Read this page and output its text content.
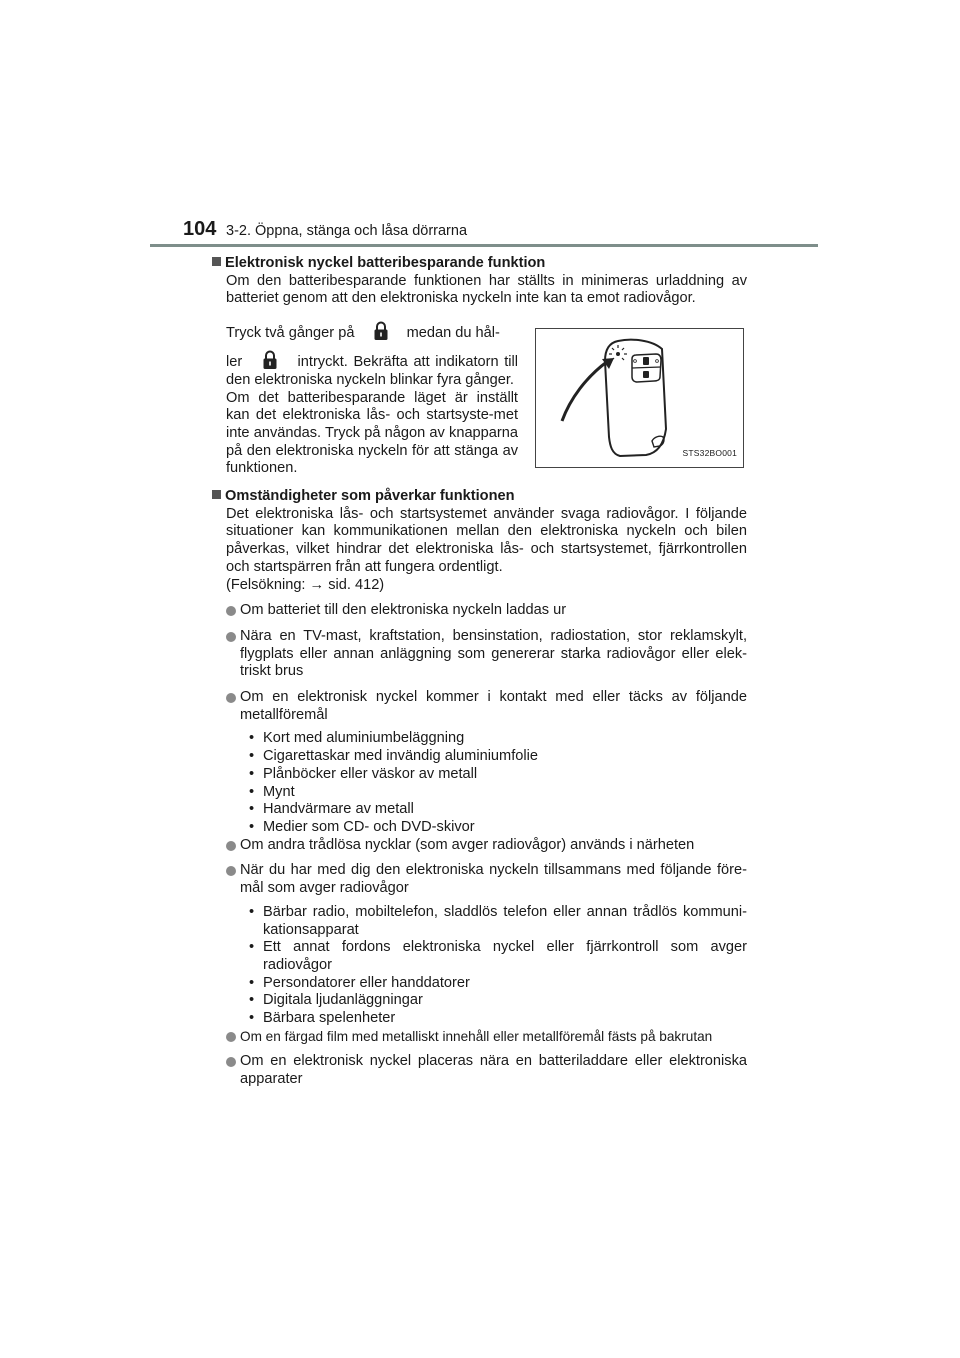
104 3-2. Öppna, stänga och låsa dörrarna
Elektronisk nyckel batteribesparande funktion
Om den batteribesparande funktionen har ställts in minimeras urladdning av batteriet genom att den elektroniska nyckeln inte kan ta emot radiovågor.
Tryck två gånger på	medan du hål-
ler	intryckt. Bekräfta att indikatorn till den elektroniska nyckeln blinkar fyra gånger.
Om det batteribesparande läget är inställt kan det elektroniska lås- och startsyste-met inte användas. Tryck på någon av knapparna på den elektroniska nyckeln för att stänga av funktionen.
STS32BO001
Omständigheter som påverkar funktionen
Det elektroniska lås- och startsystemet använder svaga radiovågor. I följande situationer kan kommunikationen mellan den elektroniska nyckeln och bilen påverkas, vilket hindrar det elektroniska lås- och startsystemet, fjärrkontrollen och startspärren från att fungera ordentligt.
(Felsökning: → sid. 412)
Om batteriet till den elektroniska nyckeln laddas ur
Nära en TV-mast, kraftstation, bensinstation, radiostation, stor reklamskylt, flygplats eller annan anläggning som genererar starka radiovågor eller elek-triskt brus
Om en elektronisk nyckel kommer i kontakt med eller täcks av följande metallföremål
• Kort med aluminiumbeläggning
• Cigarettaskar med invändig aluminiumfolie
• Plånböcker eller väskor av metall
• Mynt
• Handvärmare av metall
• Medier som CD- och DVD-skivor
Om andra trådlösa nycklar (som avger radiovågor) används i närheten
När du har med dig den elektroniska nyckeln tillsammans med följande före-mål som avger radiovågor
• Bärbar radio, mobiltelefon, sladdlös telefon eller annan trådlös kommuni-kationsapparat
• Ett annat fordons elektroniska nyckel eller fjärrkontroll som avger radiovågor
• Persondatorer eller handdatorer
• Digitala ljudanläggningar
• Bärbara spelenheter
Om en färgad film med metalliskt innehåll eller metallföremål fästs på bakrutan
Om en elektronisk nyckel placeras nära en batteriladdare eller elektroniska apparater
